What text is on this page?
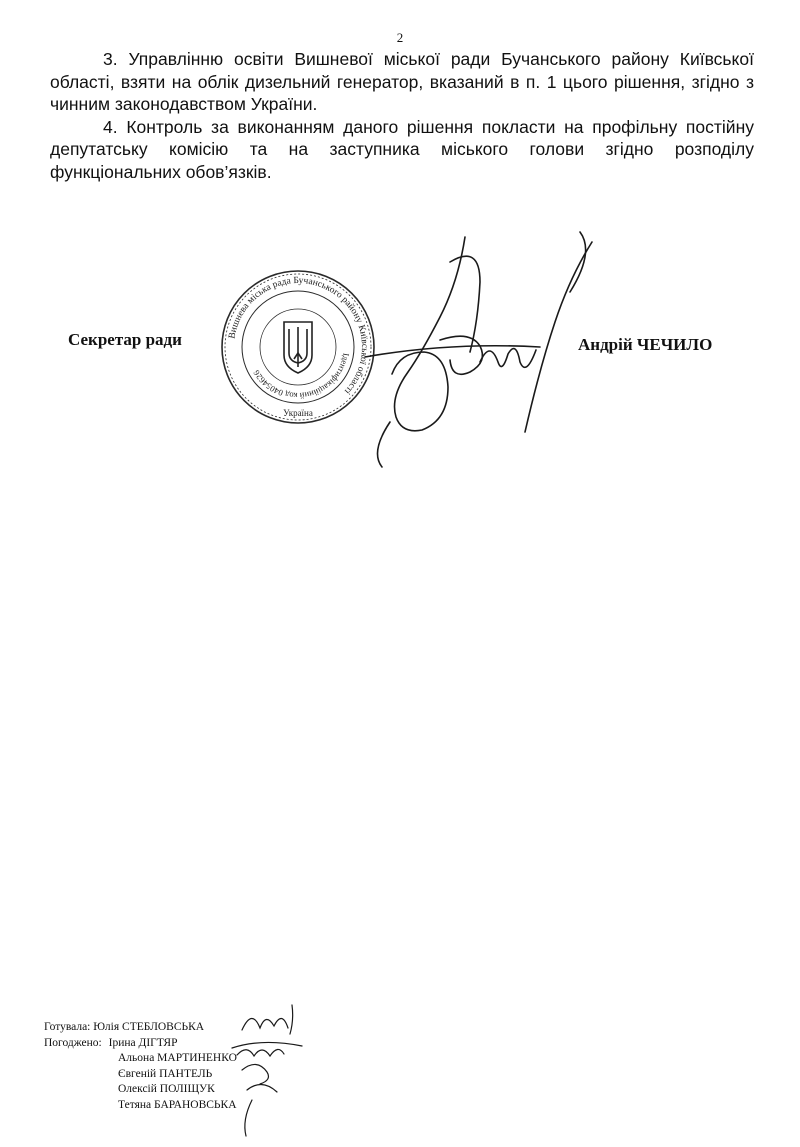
2

3. Управлінню освіти Вишневої міської ради Бучанського району Київської області, взяти на облік дизельний генератор, вказаний в п. 1 цього рішення, згідно з чинним законодавством України.

4. Контроль за виконанням даного рішення покласти на профільну постійну депутатську комісію та на заступника міського голови згідно розподілу функціональних обов’язків.

Секретар ради	Вишнева міська рада Бучанського району Київської області
Ідентифікаційний код 04054626
Україна
Андрій ЧЕЧИЛО
Готувала: Юлія СТЕБЛОВСЬКА
Погоджено: Ірина ДІГТЯР
Альона МАРТИНЕНКО
Євгеній ПАНТЕЛЬ
Олексій ПОЛІЩУК
Тетяна БАРАНОВСЬКА
